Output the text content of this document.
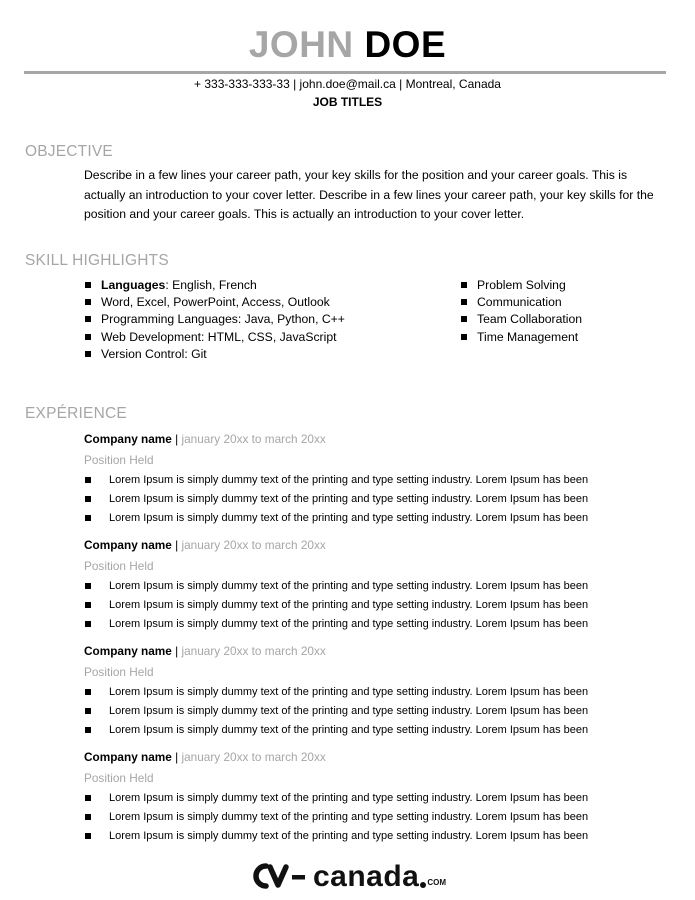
JOHN DOE
+ 333-333-333-33 | john.doe@mail.ca | Montreal, Canada
JOB TITLES
OBJECTIVE
Describe in a few lines your career path, your key skills for the position and your career goals. This is actually an introduction to your cover letter. Describe in a few lines your career path, your key skills for the position and your career goals. This is actually an introduction to your cover letter.
SKILL HIGHLIGHTS
Languages: English, French
Word, Excel, PowerPoint, Access, Outlook
Programming Languages: Java, Python, C++
Web Development: HTML, CSS, JavaScript
Version Control: Git
Problem Solving
Communication
Team Collaboration
Time Management
EXPÉRIENCE
Company name | january 20xx to march 20xx
Position Held
Lorem Ipsum is simply dummy text of the printing and type setting industry. Lorem Ipsum has been
Lorem Ipsum is simply dummy text of the printing and type setting industry. Lorem Ipsum has been
Lorem Ipsum is simply dummy text of the printing and type setting industry. Lorem Ipsum has been
Company name | january 20xx to march 20xx
Position Held
Lorem Ipsum is simply dummy text of the printing and type setting industry. Lorem Ipsum has been
Lorem Ipsum is simply dummy text of the printing and type setting industry. Lorem Ipsum has been
Lorem Ipsum is simply dummy text of the printing and type setting industry. Lorem Ipsum has been
Company name | january 20xx to march 20xx
Position Held
Lorem Ipsum is simply dummy text of the printing and type setting industry. Lorem Ipsum has been
Lorem Ipsum is simply dummy text of the printing and type setting industry. Lorem Ipsum has been
Lorem Ipsum is simply dummy text of the printing and type setting industry. Lorem Ipsum has been
Company name | january 20xx to march 20xx
Position Held
Lorem Ipsum is simply dummy text of the printing and type setting industry. Lorem Ipsum has been
Lorem Ipsum is simply dummy text of the printing and type setting industry. Lorem Ipsum has been
Lorem Ipsum is simply dummy text of the printing and type setting industry. Lorem Ipsum has been
canada COM
